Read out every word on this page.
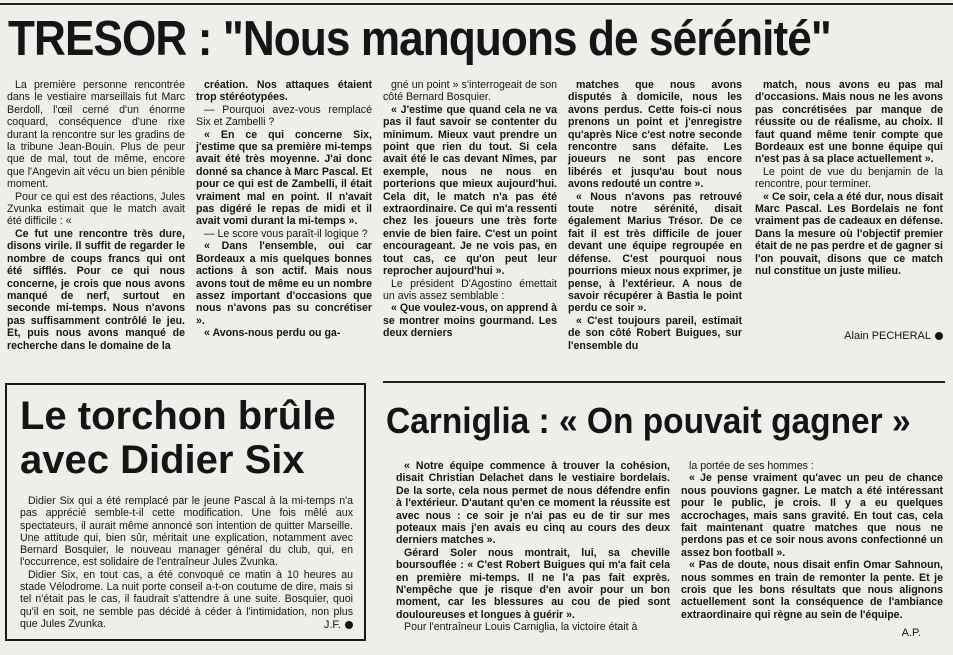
TRESOR : "Nous manquons de sérénité"

La première personne rencontrée dans le vestiaire marseillais fut Marc Berdoll, l'œil cerné d'un énorme coquard, conséquence d'une rixe durant la rencontre sur les gradins de la tribune Jean-Bouin. Plus de peur que de mal, tout de même, encore que l'Angevin ait vécu un bien pénible moment.

Pour ce qui est des réactions, Jules Zvunka estimait que le match avait été difficile : «

Ce fut une rencontre très dure, disons virile. Il suffit de regarder le nombre de coups francs qui ont été sifflés. Pour ce qui nous concerne, je crois que nous avons manqué de nerf, surtout en seconde mi-temps. Nous n'avons pas suffisamment contrôlé le jeu. Et, puis nous avons manqué de recherche dans le domaine de la

création. Nos attaques étaient trop stéréotypées.

— Pourquoi avez-vous remplacé Six et Zambelli ?

« En ce qui concerne Six, j'estime que sa première mi-temps avait été très moyenne. J'ai donc donné sa chance à Marc Pascal. Et pour ce qui est de Zambelli, il était vraiment mal en point. Il n'avait pas digéré le repas de midi et il avait vomi durant la mi-temps ».

— Le score vous paraît-il logique ?

« Dans l'ensemble, oui car Bordeaux a mis quelques bonnes actions à son actif. Mais nous avons tout de même eu un nombre assez important d'occasions que nous n'avons pas su concrétiser ».

« Avons-nous perdu ou ga-

gné un point » s'interrogeait de son côté Bernard Bosquier.

« J'estime que quand cela ne va pas il faut savoir se contenter du minimum. Mieux vaut prendre un point que rien du tout. Si cela avait été le cas devant Nîmes, par exemple, nous ne nous en porterions que mieux aujourd'hui. Cela dit, le match n'a pas été extraordinaire. Ce qui m'a ressenti chez les joueurs une très forte envie de bien faire. C'est un point encourageant. Je ne vois pas, en tout cas, ce qu'on peut leur reprocher aujourd'hui ».

Le président D'Agostino émettait un avis assez semblable :

« Que voulez-vous, on apprend à se montrer moins gourmand. Les deux derniers

matches que nous avons disputés à domicile, nous les avons perdus. Cette fois-ci nous prenons un point et j'enregistre qu'après Nice c'est notre seconde rencontre sans défaite. Les joueurs ne sont pas encore libérés et jusqu'au bout nous avons redouté un contre ».

« Nous n'avons pas retrouvé toute notre sérénité, disait également Marius Trésor. De ce fait il est très difficile de jouer devant une équipe regroupée en défense. C'est pourquoi nous pourrions mieux nous exprimer, je pense, à l'extérieur. A nous de savoir récupérer à Bastia le point perdu ce soir ».

« C'est toujours pareil, estimait de son côté Robert Buigues, sur l'ensemble du

match, nous avons eu pas mal d'occasions. Mais nous ne les avons pas concrétisées par manque de réussite ou de réalisme, au choix. Il faut quand même tenir compte que Bordeaux est une bonne équipe qui n'est pas à sa place actuellement ».

Le point de vue du benjamin de la rencontre, pour terminer.

« Ce soir, cela a été dur, nous disait Marc Pascal. Les Bordelais ne font vraiment pas de cadeaux en défense. Dans la mesure où l'objectif premier était de ne pas perdre et de gagner si l'on pouvait, disons que ce match nul constitue un juste milieu.

Alain PECHERAL
Le torchon brûle
avec Didier Six

Didier Six qui a été remplacé par le jeune Pascal à la mi-temps n'a pas apprécié semble-t-il cette modification. Une fois mêlé aux spectateurs, il aurait même annoncé son intention de quitter Marseille. Une attitude qui, bien sûr, méritait une explication, notamment avec Bernard Bosquier, le nouveau manager général du club, qui, en l'occurrence, est solidaire de l'entraîneur Jules Zvunka.

Didier Six, en tout cas, a été convoqué ce matin à 10 heures au stade Vélodrome. La nuit porte conseil a-t-on coutume de dire, mais si tel n'était pas le cas, il faudrait s'attendre à une suite. Bosquier, quoi qu'il en soit, ne semble pas décidé à céder à l'intimidation, non plus que Jules Zvunka.	J.F.
Carniglia : « On pouvait gagner »

« Notre équipe commence à trouver la cohésion, disait Christian Delachet dans le vestiaire bordelais. De la sorte, cela nous permet de nous défendre enfin à l'extérieur. D'autant qu'en ce moment la réussite est avec nous : ce soir je n'ai pas eu de tir sur mes poteaux mais j'en avais eu cinq au cours des deux derniers matches ».

Gérard Soler nous montrait, lui, sa cheville boursouflée : « C'est Robert Buigues qui m'a fait cela en première mi-temps. Il ne l'a pas fait exprès. N'empêche que je risque d'en avoir pour un bon moment, car les blessures au cou de pied sont douloureuses et longues à guérir ».

Pour l'entraîneur Louis Carniglia, la victoire était à

la portée de ses hommes :

« Je pense vraiment qu'avec un peu de chance nous pouvions gagner. Le match a été intéressant pour le public, je crois. Il y a eu quelques accrochages, mais sans gravité. En tout cas, cela fait maintenant quatre matches que nous ne perdons pas et ce soir nous avons confectionné un assez bon football ».

« Pas de doute, nous disait enfin Omar Sahnoun, nous sommes en train de remonter la pente. Et je crois que les bons résultats que nous alignons actuellement sont la conséquence de l'ambiance extraordinaire qui règne au sein de l'équipe.

A.P.
